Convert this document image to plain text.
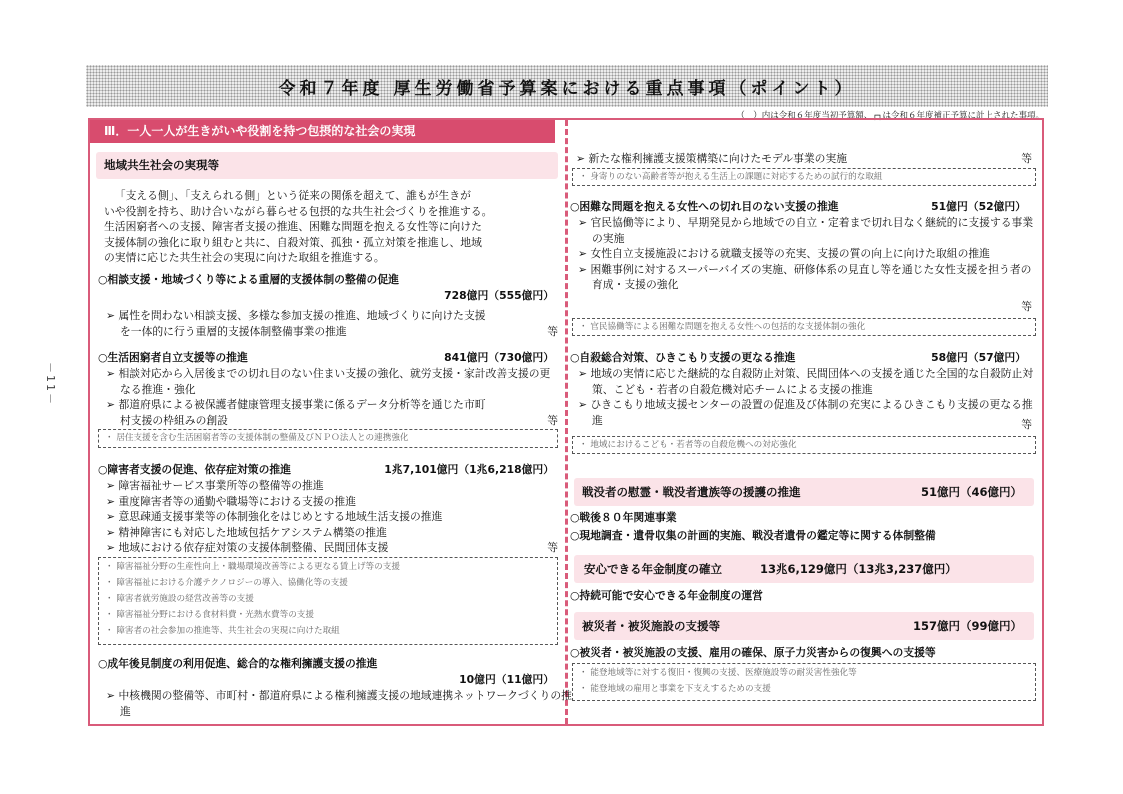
令和７年度 厚生労働省予算案における重点事項（ポイント）
（　）内は令和６年度当初予算額、┌┐は令和６年度補正予算に計上された事項。
－11－
Ⅲ．一人一人が生きがいや役割を持つ包摂的な社会の実現
地域共生社会の実現等
「支える側」、「支えられる側」という従来の関係を超えて、誰もが生きが
いや役割を持ち、助け合いながら暮らせる包摂的な共生社会づくりを推進する。
生活困窮者への支援、障害者支援の推進、困難な問題を抱える女性等に向けた
支援体制の強化に取り組むと共に、自殺対策、孤独・孤立対策を推進し、地域
の実情に応じた共生社会の実現に向けた取組を推進する。
○相談支援・地域づくり等による重層的支援体制の整備の促進
728億円（555億円）
➢ 属性を問わない相談支援、多様な参加支援の推進、地域づくりに向けた支援
を一体的に行う重層的支援体制整備事業の推進	等
○生活困窮者自立支援等の推進	841億円（730億円）
➢ 相談対応から入居後までの切れ目のない住まい支援の強化、就労支援・家計改善支援の更なる推進・強化
➢ 都道府県による被保護者健康管理支援事業に係るデータ分析等を通じた市町
村支援の枠組みの創設	等
・ 居住支援を含む生活困窮者等の支援体制の整備及びＮＰＯ法人との連携強化
○障害者支援の促進、依存症対策の推進	1兆7,101億円（1兆6,218億円）
➢ 障害福祉サービス事業所等の整備等の推進
➢ 重度障害者等の通勤や職場等における支援の推進
➢ 意思疎通支援事業等の体制強化をはじめとする地域生活支援の推進
➢ 精神障害にも対応した地域包括ケアシステム構築の推進
➢ 地域における依存症対策の支援体制整備、民間団体支援	等
・ 障害福祉分野の生産性向上・職場環境改善等による更なる賃上げ等の支援
・ 障害福祉における介護テクノロジーの導入、協働化等の支援
・ 障害者就労施設の経営改善等の支援
・ 障害福祉分野における食材料費・光熱水費等の支援
・ 障害者の社会参加の推進等、共生社会の実現に向けた取組
○成年後見制度の利用促進、総合的な権利擁護支援の推進
10億円（11億円）
➢ 中核機関の整備等、市町村・都道府県による権利擁護支援の地域連携ネットワークづくりの推進
➢ 新たな権利擁護支援策構築に向けたモデル事業の実施	等
・ 身寄りのない高齢者等が抱える生活上の課題に対応するための試行的な取組
○困難な問題を抱える女性への切れ目のない支援の推進	51億円（52億円）
➢ 官民協働等により、早期発見から地域での自立・定着まで切れ目なく継続的に支援する事業の実施
➢ 女性自立支援施設における就職支援等の充実、支援の質の向上に向けた取組の推進
➢ 困難事例に対するスーパーバイズの実施、研修体系の見直し等を通じた女性支援を担う者の育成・支援の強化
等
・ 官民協働等による困難な問題を抱える女性への包括的な支援体制の強化
○自殺総合対策、ひきこもり支援の更なる推進	58億円（57億円）
➢ 地域の実情に応じた継続的な自殺防止対策、民間団体への支援を通じた全国的な自殺防止対策、こども・若者の自殺危機対応チームによる支援の推進
➢ ひきこもり地域支援センターの設置の促進及び体制の充実によるひきこもり支援の更なる推進	等
・ 地域におけるこども・若者等の自殺危機への対応強化
戦没者の慰霊・戦没者遺族等の援護の推進	51億円（46億円）
○戦後８０年関連事業
○現地調査・遺骨収集の計画的実施、戦没者遺骨の鑑定等に関する体制整備
安心できる年金制度の確立	13兆6,129億円（13兆3,237億円）
○持続可能で安心できる年金制度の運営
被災者・被災施設の支援等	157億円（99億円）
○被災者・被災施設の支援、雇用の確保、原子力災害からの復興への支援等
・ 能登地域等に対する復旧・復興の支援、医療施設等の耐災害性強化等
・ 能登地域の雇用と事業を下支えするための支援
